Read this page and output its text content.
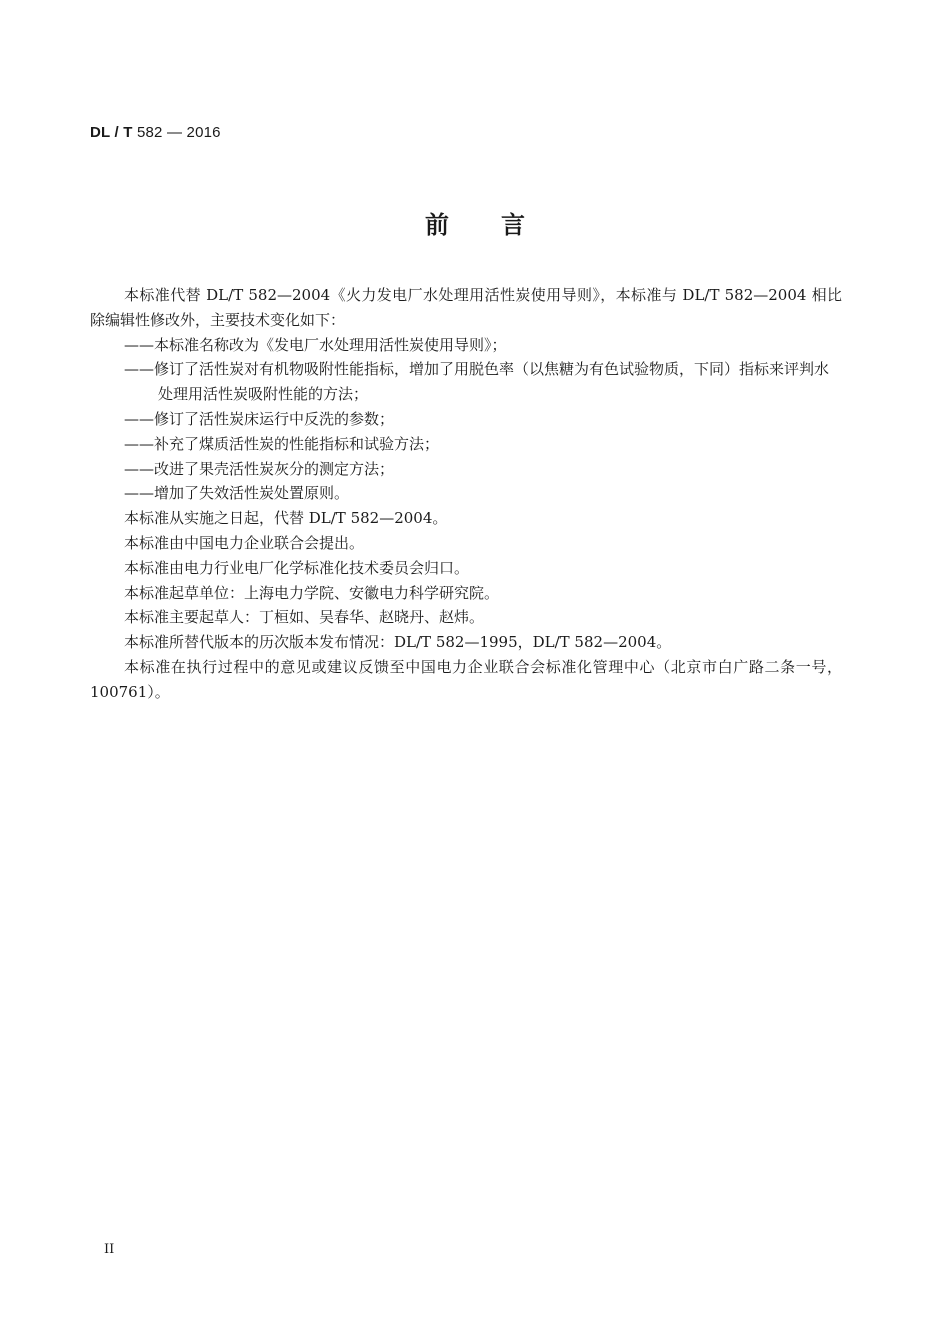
DL / T 582 — 2016
前言

本标准代替 DL/T 582—2004《火力发电厂水处理用活性炭使用导则》，本标准与 DL/T 582—2004 相比除编辑性修改外，主要技术变化如下：

——本标准名称改为《发电厂水处理用活性炭使用导则》；

——修订了活性炭对有机物吸附性能指标，增加了用脱色率（以焦糖为有色试验物质，下同）指标来评判水处理用活性炭吸附性能的方法；

——修订了活性炭床运行中反洗的参数；

——补充了煤质活性炭的性能指标和试验方法；

——改进了果壳活性炭灰分的测定方法；

——增加了失效活性炭处置原则。

本标准从实施之日起，代替 DL/T 582—2004。

本标准由中国电力企业联合会提出。

本标准由电力行业电厂化学标准化技术委员会归口。

本标准起草单位：上海电力学院、安徽电力科学研究院。

本标准主要起草人：丁桓如、吴春华、赵晓丹、赵炜。

本标准所替代版本的历次版本发布情况：DL/T 582—1995，DL/T 582—2004。

本标准在执行过程中的意见或建议反馈至中国电力企业联合会标准化管理中心（北京市白广路二条一号，100761）。

II
